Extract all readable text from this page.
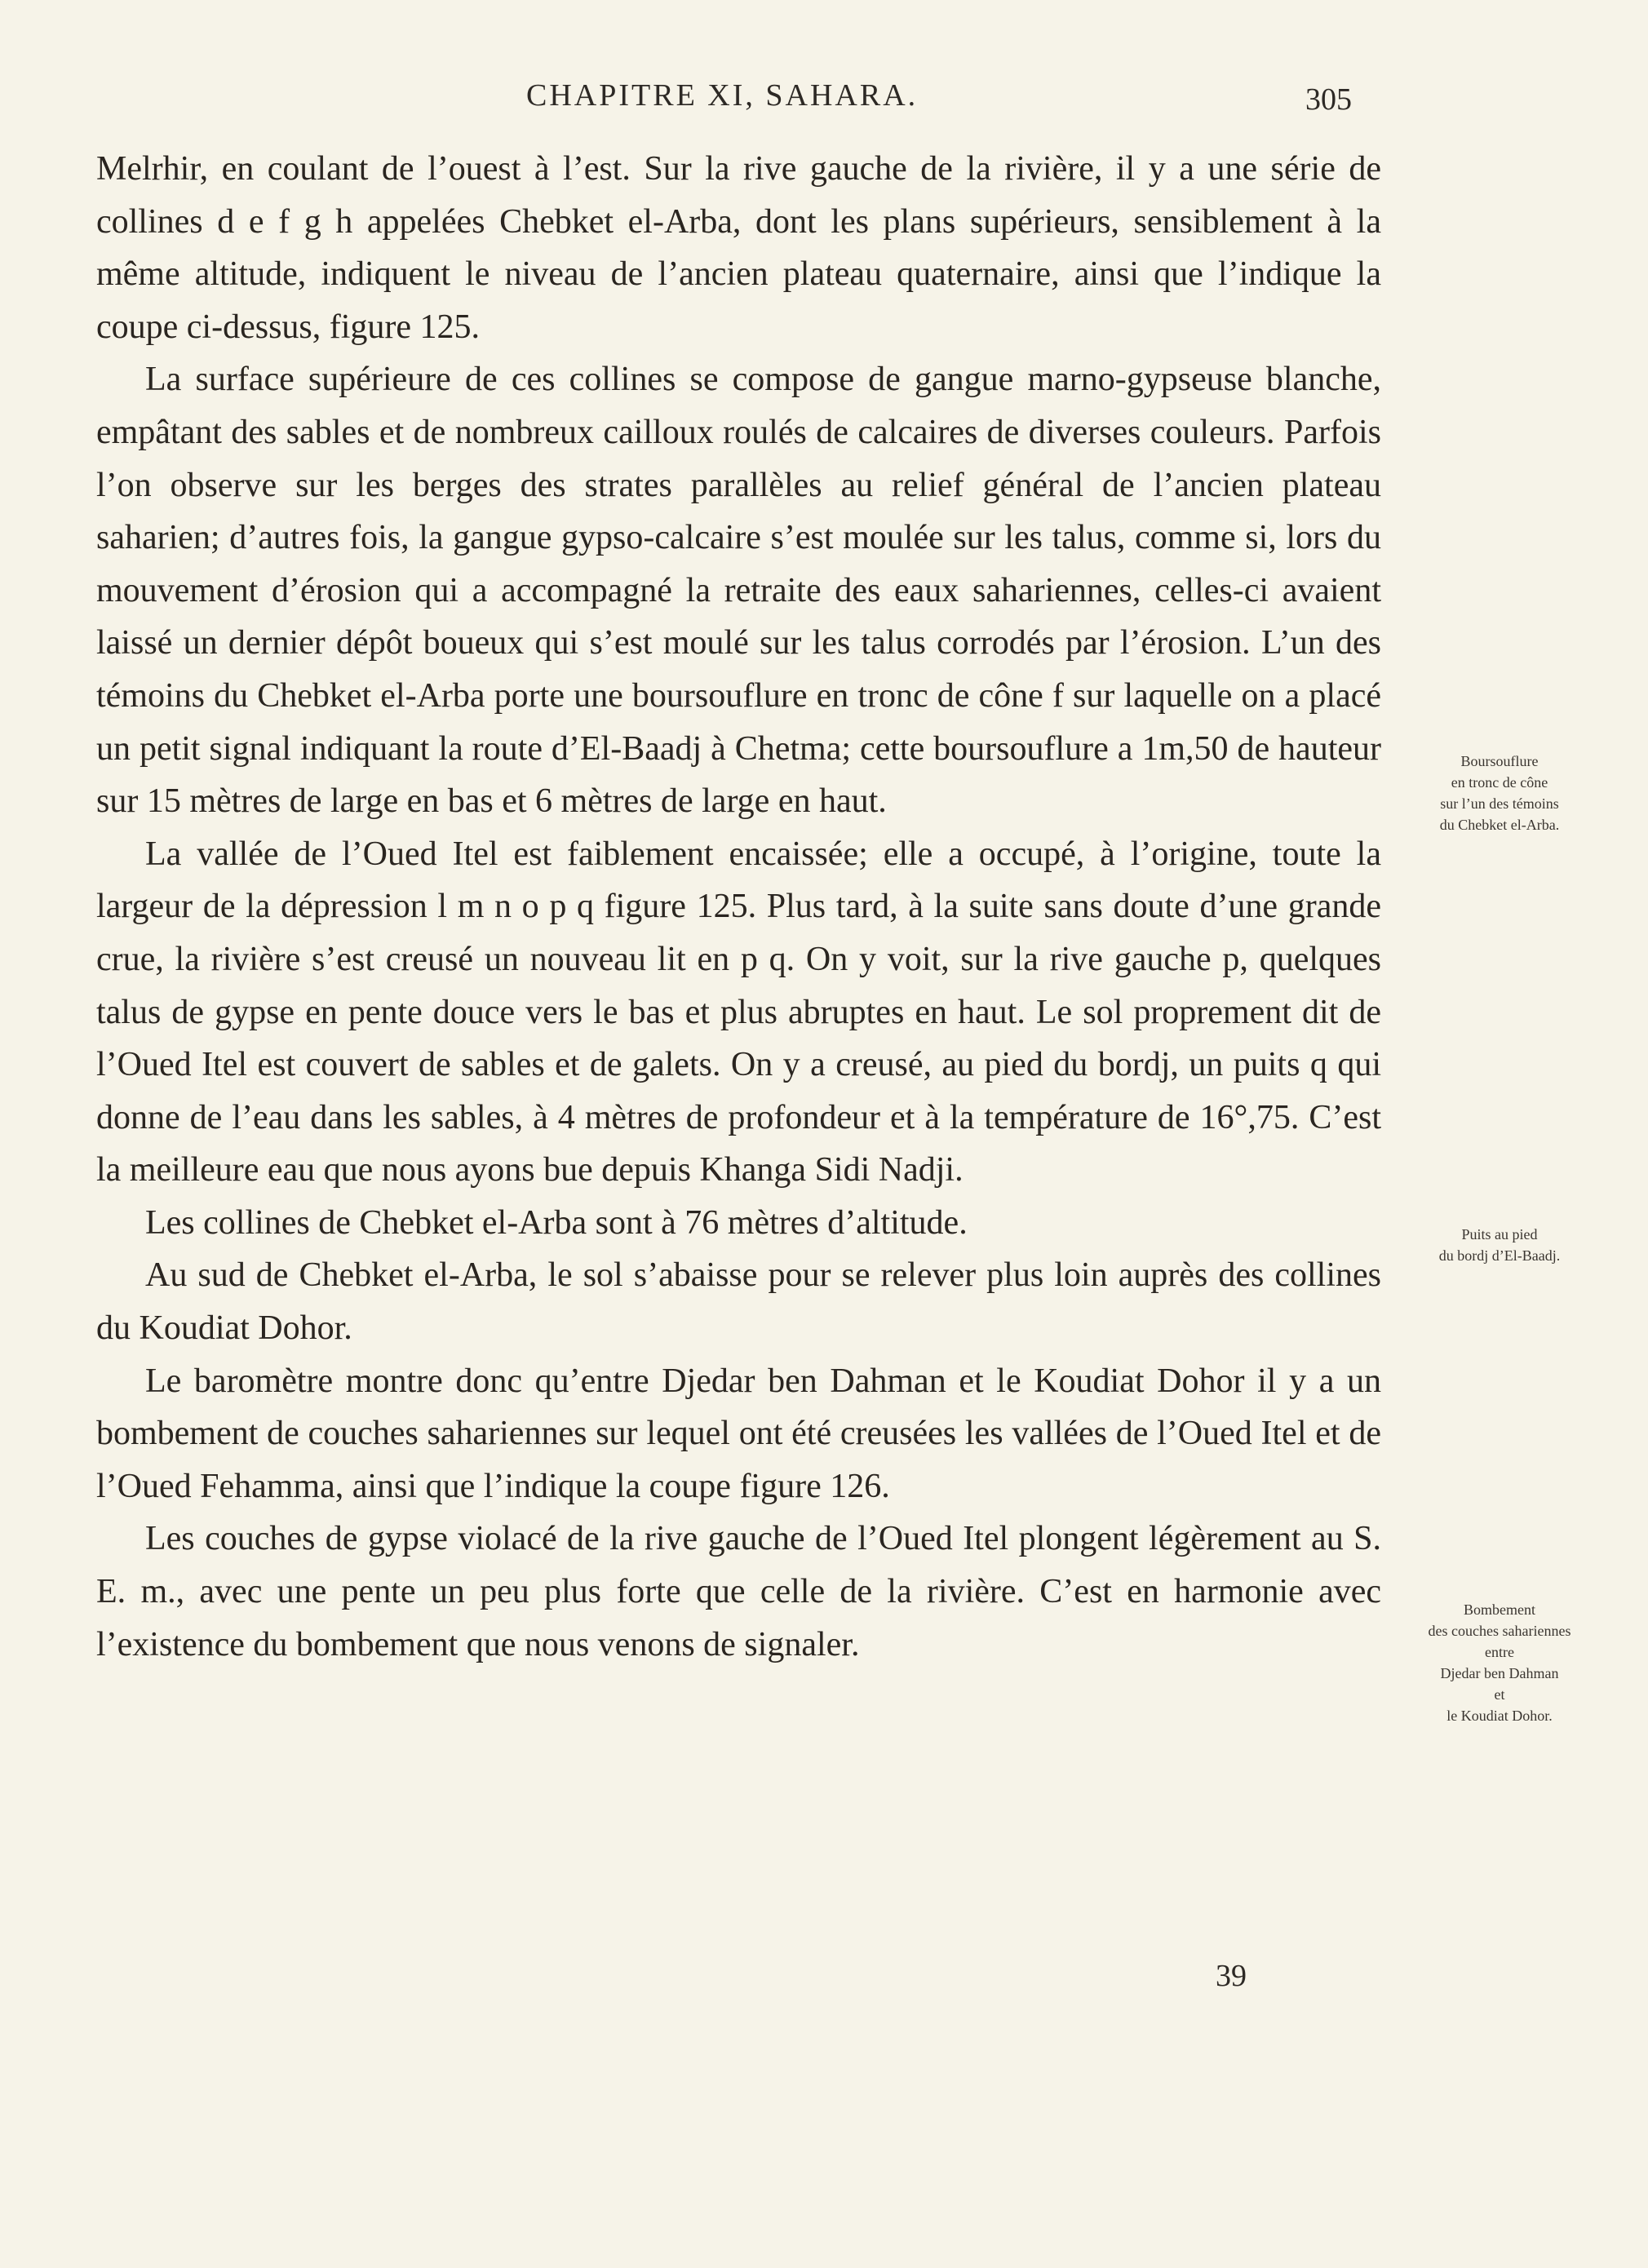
CHAPITRE XI, SAHARA.	305

Melrhir, en coulant de l’ouest à l’est. Sur la rive gauche de la rivière, il y a une série de collines d e f g h appelées Chebket el-Arba, dont les plans supérieurs, sensiblement à la même altitude, indiquent le niveau de l’ancien plateau quaternaire, ainsi que l’indique la coupe ci-dessus, figure 125.

La surface supérieure de ces collines se compose de gangue marno-gypseuse blanche, empâtant des sables et de nombreux cailloux roulés de calcaires de diverses couleurs. Parfois l’on observe sur les berges des strates parallèles au relief général de l’ancien plateau saharien; d’autres fois, la gangue gypso-calcaire s’est moulée sur les talus, comme si, lors du mouvement d’érosion qui a accompagné la retraite des eaux sahariennes, celles-ci avaient laissé un dernier dépôt boueux qui s’est moulé sur les talus corrodés par l’érosion. L’un des témoins du Chebket el-Arba porte une boursouflure en tronc de cône f sur laquelle on a placé un petit signal indiquant la route d’El-Baadj à Chetma; cette boursouflure a 1m,50 de hauteur sur 15 mètres de large en bas et 6 mètres de large en haut.

La vallée de l’Oued Itel est faiblement encaissée; elle a occupé, à l’origine, toute la largeur de la dépression l m n o p q figure 125. Plus tard, à la suite sans doute d’une grande crue, la rivière s’est creusé un nouveau lit en p q. On y voit, sur la rive gauche p, quelques talus de gypse en pente douce vers le bas et plus abruptes en haut. Le sol proprement dit de l’Oued Itel est couvert de sables et de galets. On y a creusé, au pied du bordj, un puits q qui donne de l’eau dans les sables, à 4 mètres de profondeur et à la température de 16°,75. C’est la meilleure eau que nous ayons bue depuis Khanga Sidi Nadji.

Les collines de Chebket el-Arba sont à 76 mètres d’altitude.

Au sud de Chebket el-Arba, le sol s’abaisse pour se relever plus loin auprès des collines du Koudiat Dohor.

Le baromètre montre donc qu’entre Djedar ben Dahman et le Koudiat Dohor il y a un bombement de couches sahariennes sur lequel ont été creusées les vallées de l’Oued Itel et de l’Oued Fehamma, ainsi que l’indique la coupe figure 126.

Les couches de gypse violacé de la rive gauche de l’Oued Itel plongent légèrement au S. E. m., avec une pente un peu plus forte que celle de la rivière. C’est en harmonie avec l’existence du bombement que nous venons de signaler.

Boursouflure
en tronc de cône
sur l’un des témoins
du Chebket el-Arba.
Puits au pied
du bordj d’El-Baadj.
Bombement
des couches sahariennes
entre
Djedar ben Dahman
et
le Koudiat Dohor.
39
